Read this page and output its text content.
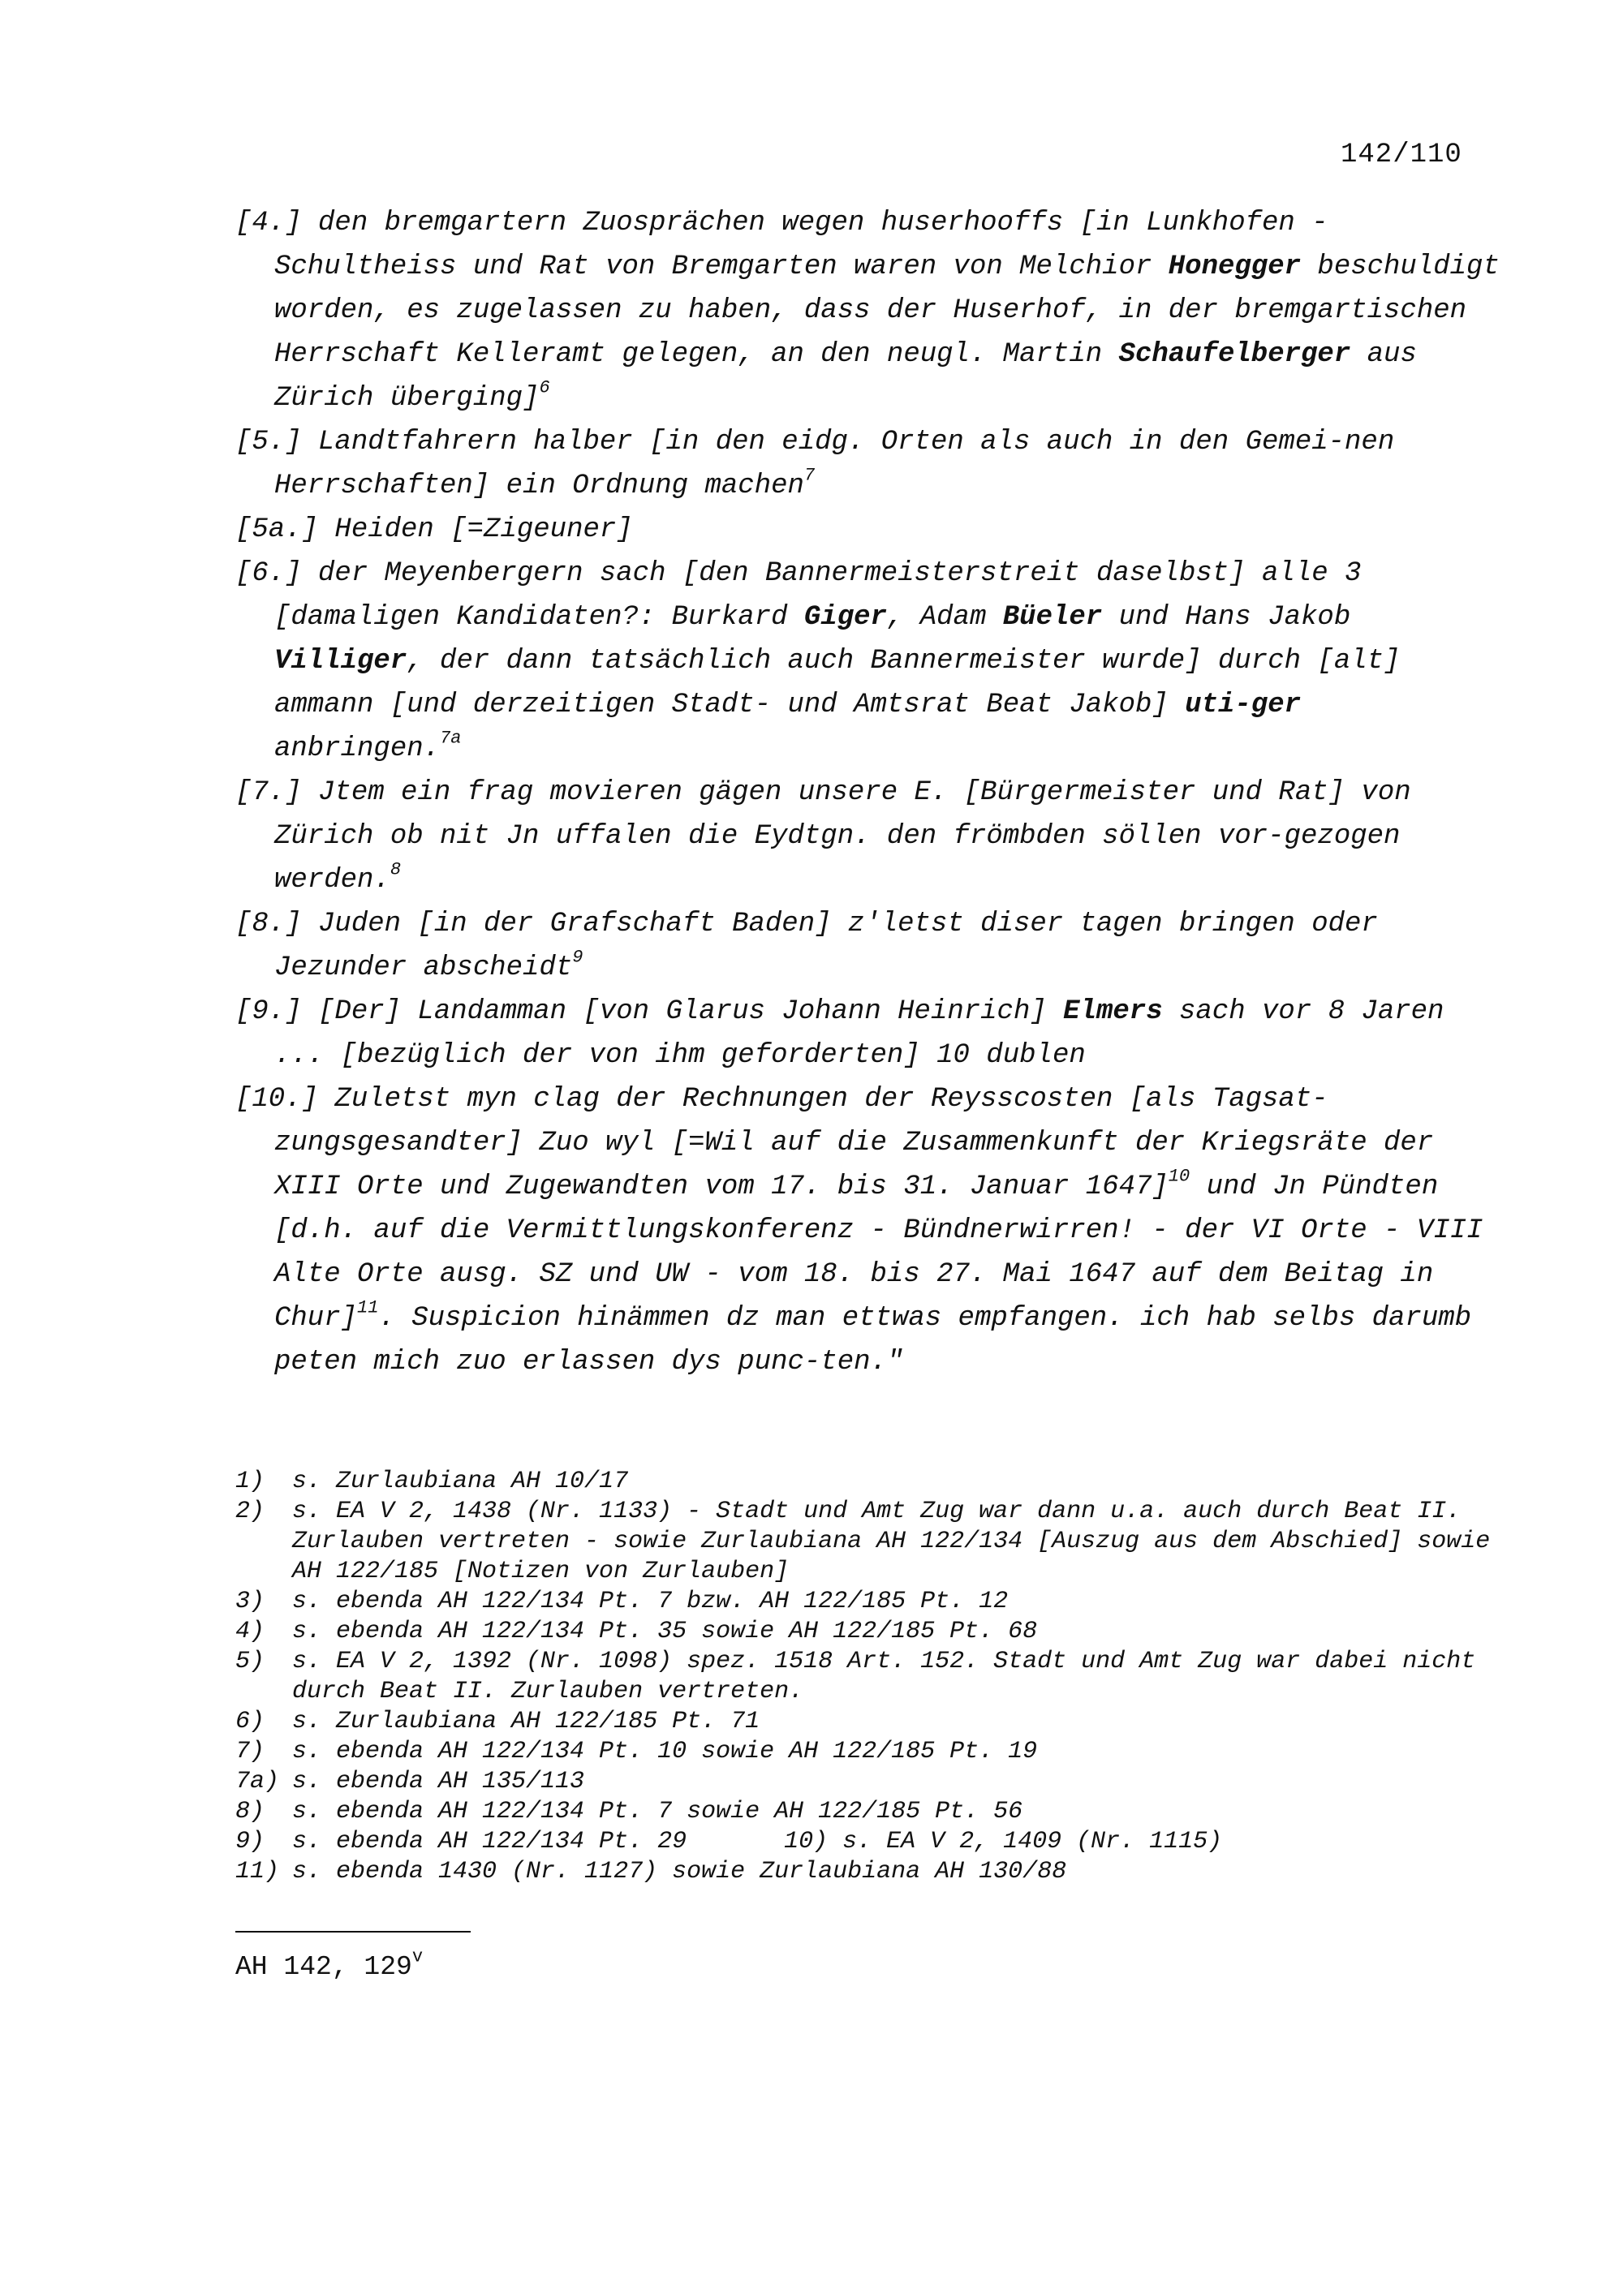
142/110

[4.] den bremgartern Zuosprächen wegen huserhooffs [in Lunkhofen - Schultheiss und Rat von Bremgarten waren von Melchior Honegger beschuldigt worden, es zugelassen zu haben, dass der Huserhof, in der bremgartischen Herrschaft Kelleramt gelegen, an den neugl. Martin Schaufelberger aus Zürich überging]$^6$

[5.] Landtfahrern halber [in den eidg. Orten als auch in den Gemei-nen Herrschaften] ein Ordnung machen$^7$

[5a.] Heiden [=Zigeuner]

[6.] der Meyenbergern sach [den Bannermeisterstreit daselbst] alle 3 [damaligen Kandidaten?: Burkard Giger, Adam Büeler und Hans Jakob Villiger, der dann tatsächlich auch Bannermeister wurde] durch [alt] ammann [und derzeitigen Stadt- und Amtsrat Beat Jakob] uti-ger anbringen.$^{7a}$

[7.] Jtem ein frag movieren gägen unsere E. [Bürgermeister und Rat] von Zürich ob nit Jn uffalen die Eydtgn. den frömbden söllen vor-gezogen werden.$^8$

[8.] Juden [in der Grafschaft Baden] z'letst diser tagen bringen oder Jezunder abscheidt$^9$

[9.] [Der] Landamman [von Glarus Johann Heinrich] Elmers sach vor 8 Jaren ... [bezüglich der von ihm geforderten] 10 dublen

[10.] Zuletst myn clag der Rechnungen der Reysscosten [als Tagsat-zungsgesandter] Zuo wyl [=Wil auf die Zusammenkunft der Kriegsräte der XIII Orte und Zugewandten vom 17. bis 31. Januar 1647]$^{10}$ und Jn Pündten [d.h. auf die Vermittlungskonferenz - Bündnerwirren! - der VI Orte - VIII Alte Orte ausg. SZ und UW - vom 18. bis 27. Mai 1647 auf dem Beitag in Chur]$^{11}$. Suspicion hinämmen dz man ettwas empfangen. ich hab selbs darumb peten mich zuo erlassen dys punc-ten."

1)	s. Zurlaubiana AH 10/17
2)	s. EA V 2, 1438 (Nr. 1133) - Stadt und Amt Zug war dann u.a. auch durch Beat II. Zurlauben vertreten - sowie Zurlaubiana AH 122/134 [Auszug aus dem Abschied] sowie AH 122/185 [Notizen von Zurlauben]
3)	s. ebenda AH 122/134 Pt. 7 bzw. AH 122/185 Pt. 12
4)	s. ebenda AH 122/134 Pt. 35 sowie AH 122/185 Pt. 68
5)	s. EA V 2, 1392 (Nr. 1098) spez. 1518 Art. 152. Stadt und Amt Zug war dabei nicht durch Beat II. Zurlauben vertreten.
6)	s. Zurlaubiana AH 122/185 Pt. 71
7)	s. ebenda AH 122/134 Pt. 10 sowie AH 122/185 Pt. 19
7a) s. ebenda AH 135/113
8)	s. ebenda AH 122/134 Pt. 7 sowie AH 122/185 Pt. 56
9)	s. ebenda AH 122/134 Pt. 29	10) s. EA V 2, 1409 (Nr. 1115)
11) s. ebenda 1430 (Nr. 1127) sowie Zurlaubiana AH 130/88
AH 142, 129$^v$
